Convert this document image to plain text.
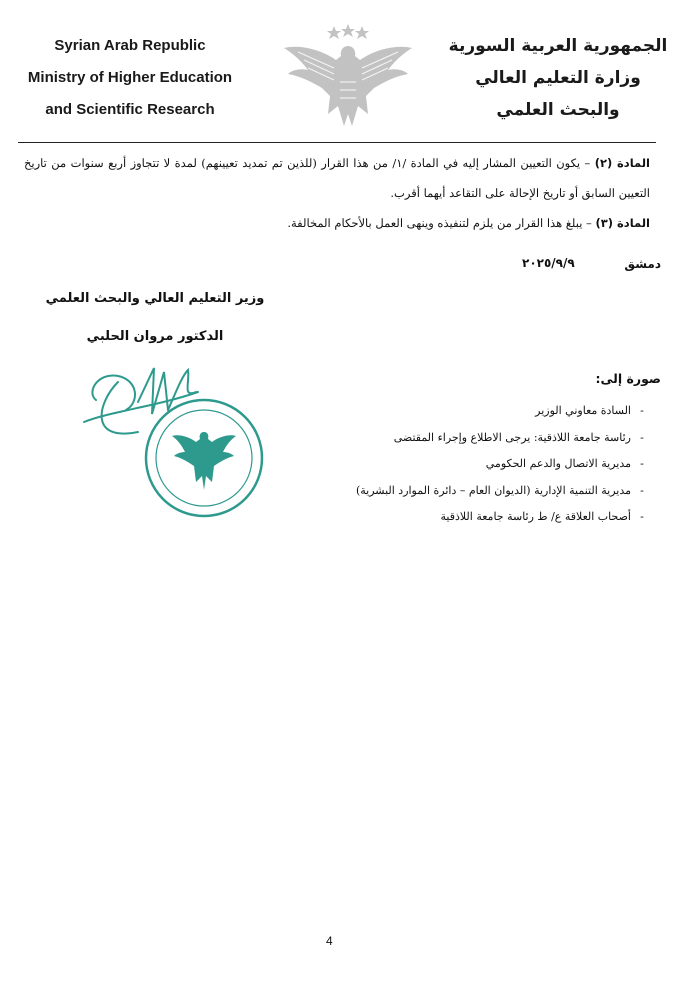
Syrian Arab Republic
Ministry of Higher Education
and Scientific Research
الجمهورية العربية السورية
وزارة التعليم العالي
والبحث العلمي
المادة (٢) – يكون التعيين المشار إليه في المادة /١/ من هذا القرار (للذين تم تمديد تعيينهم) لمدة لا تتجاوز أربع سنوات من تاريخ التعيين السابق أو تاريخ الإحالة على التقاعد أيهما أقرب.
المادة (٣) – يبلغ هذا القرار من يلزم لتنفيذه وينهى العمل بالأحكام المخالفة.
دمشق
٢٠٢٥/٩/٩
وزير التعليم العالي والبحث العلمي
الدكتور مروان الحلبي
صورة إلى:
-السادة معاوني الوزير
-رئاسة جامعة اللاذقية: يرجى الاطلاع وإجراء المقتضى
-مديرية الاتصال والدعم الحكومي
-مديرية التنمية الإدارية (الديوان العام – دائرة الموارد البشرية)
-أصحاب العلاقة ع/ ط رئاسة جامعة اللاذقية
4
